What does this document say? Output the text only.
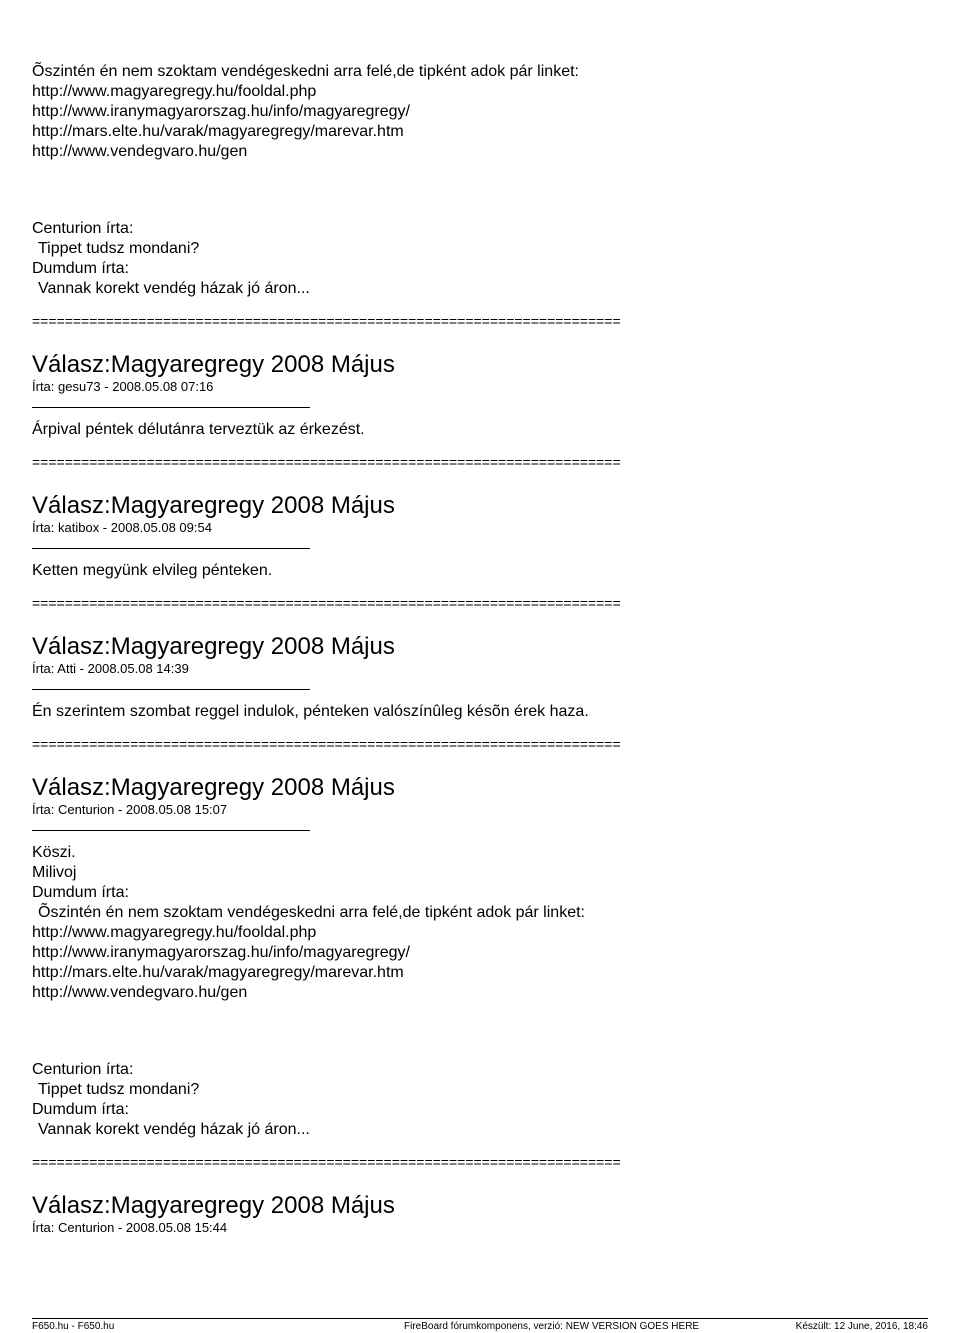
Õszintén én nem szoktam vendégeskedni arra felé,de tipként adok pár linket:
http://www.magyaregregy.hu/fooldal.php
http://www.iranymagyarorszag.hu/info/magyaregregy/
http://mars.elte.hu/varak/magyaregregy/marevar.htm
http://www.vendegvaro.hu/gen
Centurion írta:
Tippet tudsz mondani?
Dumdum írta:
Vannak korekt vendég házak jó áron...
========================================================================
Válasz:Magyaregregy 2008 Május
Írta: gesu73 - 2008.05.08 07:16
Árpival péntek délutánra terveztük az érkezést.
========================================================================
Válasz:Magyaregregy 2008 Május
Írta: katibox - 2008.05.08 09:54
Ketten megyünk elvileg pénteken.
========================================================================
Válasz:Magyaregregy 2008 Május
Írta: Atti - 2008.05.08 14:39
Én szerintem szombat reggel indulok, pénteken valószínûleg késõn érek haza.
========================================================================
Válasz:Magyaregregy 2008 Május
Írta: Centurion - 2008.05.08 15:07
Köszi.
Milivoj
Dumdum írta:
Õszintén én nem szoktam vendégeskedni arra felé,de tipként adok pár linket:
http://www.magyaregregy.hu/fooldal.php
http://www.iranymagyarorszag.hu/info/magyaregregy/
http://mars.elte.hu/varak/magyaregregy/marevar.htm
http://www.vendegvaro.hu/gen
Centurion írta:
Tippet tudsz mondani?
Dumdum írta:
Vannak korekt vendég házak jó áron...
========================================================================
Válasz:Magyaregregy 2008 Május
Írta: Centurion - 2008.05.08 15:44
F650.hu - F650.hu	FireBoard fórumkomponens, verzió: NEW VERSION GOES HERE	Készült: 12 June, 2016, 18:46
